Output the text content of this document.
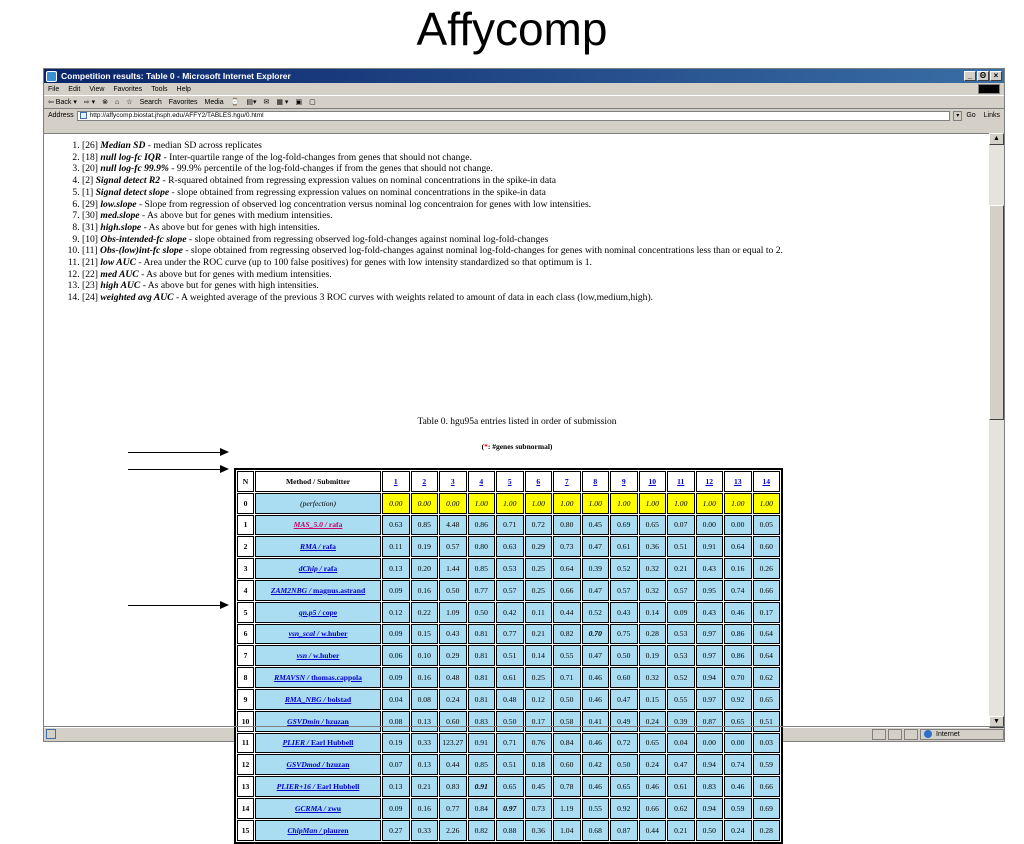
Affycomp
Competition results: Table 0 - Microsoft Internet Explorer	_ Θ ×
File Edit View Favorites Tools Help
⇦ Back ▾ ⇨ ▾ ⊗ ⌂ ☆ Search Favorites Media ⌚ ▤▾ ✉ ▦ ▾ ▣ ▢
Address http://affycomp.biostat.jhsph.edu/AFFY2/TABLES.hgu/0.html	▾	Go Links
1. [26] Median SD - median SD across replicates
2. [18] null log-fc IQR - Inter-quartile range of the log-fold-changes from genes that should not change.
3. [20] null log-fc 99.9% - 99.9% percentile of the log-fold-changes if from the genes that should not change.
4. [2] Signal detect R2 - R-squared obtained from regressing expression values on nominal concentrations in the spike-in data
5. [1] Signal detect slope - slope obtained from regressing expression values on nominal concentrations in the spike-in data
6. [29] low.slope - Slope from regression of observed log concentration versus nominal log concentraion for genes with low intensities.
7. [30] med.slope - As above but for genes with medium intensities.
8. [31] high.slope - As above but for genes with high intensities.
9. [10] Obs-intended-fc slope - slope obtained from regressing observed log-fold-changes against nominal log-fold-changes
10. [11] Obs-(low)int-fc slope - slope obtained from regressing observed log-fold-changes against nominal log-fold-changes for genes with nominal concentrations less than or equal to 2.
11. [21] low AUC - Area under the ROC curve (up to 100 false positives) for genes with low intensity standardized so that optimum is 1.
12. [22] med AUC - As above but for genes with medium intensities.
13. [23] high AUC - As above but for genes with high intensities.
14. [24] weighted avg AUC - A weighted average of the previous 3 ROC curves with weights related to amount of data in each class (low,medium,high).
Table 0. hgu95a entries listed in order of submission
(*: #genes subnormal)
N	Method / Submitter	1	2	3	4	5	6	7	8	9	10	11	12	13	14
0	(perfection)	0.00	0.00	0.00	1.00	1.00	1.00	1.00	1.00	1.00	1.00	1.00	1.00	1.00	1.00
1	MAS_5.0 / rafa	0.63	0.85	4.48	0.86	0.71	0.72	0.80	0.45	0.69	0.65	0.07	0.00	0.00	0.05
2	RMA / rafa	0.11	0.19	0.57	0.80	0.63	0.29	0.73	0.47	0.61	0.36	0.51	0.91	0.64	0.60
3	dChip / rafa	0.13	0.20	1.44	0.85	0.53	0.25	0.64	0.39	0.52	0.32	0.21	0.43	0.16	0.26
4	ZAM2NBG / magnus.astrand	0.09	0.16	0.50	0.77	0.57	0.25	0.66	0.47	0.57	0.32	0.57	0.95	0.74	0.66
5	qn.p5 / cope	0.12	0.22	1.09	0.50	0.42	0.11	0.44	0.52	0.43	0.14	0.09	0.43	0.46	0.17
6	vsn_scal / w.huber	0.09	0.15	0.43	0.81	0.77	0.21	0.82	0.70	0.75	0.28	0.53	0.97	0.86	0.64
7	vsn / w.huber	0.06	0.10	0.29	0.81	0.51	0.14	0.55	0.47	0.50	0.19	0.53	0.97	0.86	0.64
8	RMAVSN / thomas.cappola	0.09	0.16	0.48	0.81	0.61	0.25	0.71	0.46	0.60	0.32	0.52	0.94	0.70	0.62
9	RMA_NBG / bolstad	0.04	0.08	0.24	0.81	0.48	0.12	0.50	0.46	0.47	0.15	0.55	0.97	0.92	0.65
10	GSVDmin / hzuzan	0.08	0.13	0.60	0.83	0.50	0.17	0.58	0.41	0.49	0.24	0.39	0.87	0.65	0.51
11	PLIER / Earl Hubbell	0.19	0.33	123.27	0.91	0.71	0.76	0.84	0.46	0.72	0.65	0.04	0.00	0.00	0.03
12	GSVDmod / hzuzan	0.07	0.13	0.44	0.85	0.51	0.18	0.60	0.42	0.50	0.24	0.47	0.94	0.74	0.59
13	PLIER+16 / Earl Hubbell	0.13	0.21	0.83	0.91	0.65	0.45	0.78	0.46	0.65	0.46	0.61	0.83	0.46	0.66
14	GCRMA / zwu	0.09	0.16	0.77	0.84	0.97	0.73	1.19	0.55	0.92	0.66	0.62	0.94	0.59	0.69
15	ChipMan / plauren	0.27	0.33	2.26	0.82	0.88	0.36	1.04	0.68	0.87	0.44	0.21	0.50	0.24	0.28
▲
▼
Internet
